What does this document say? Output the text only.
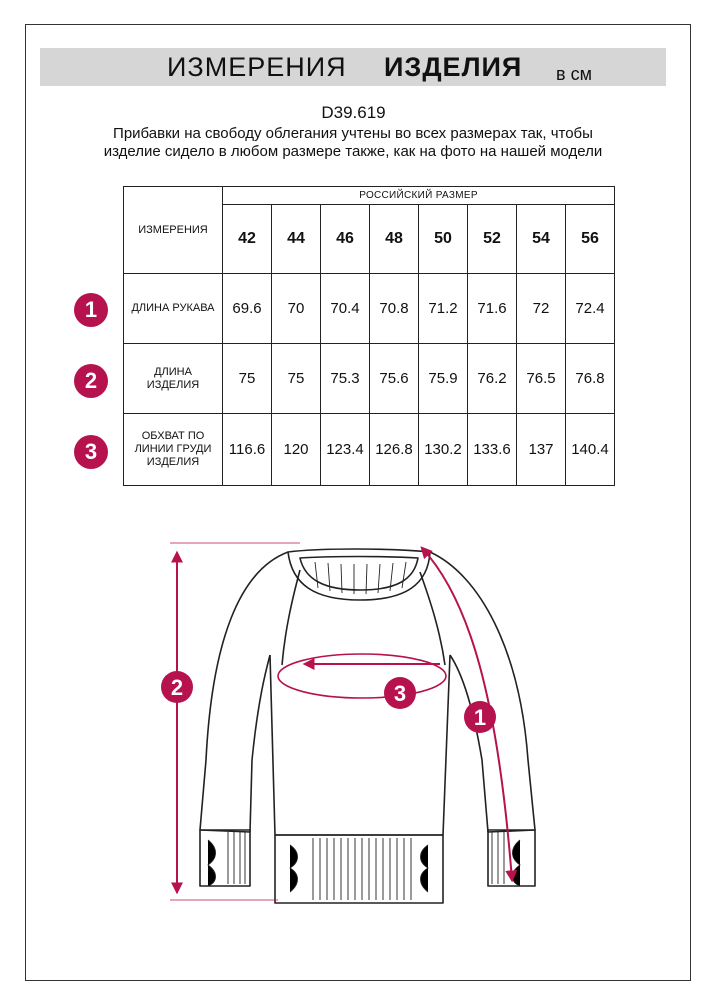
ИЗМЕРЕНИЯ ИЗДЕЛИЯ в см
D39.619
Прибавки на свободу облегания учтены во всех размерах так, чтобы изделие сидело в любом размере также, как на фото на нашей модели
ИЗМЕРЕНИЯ	РОССИЙСКИЙ РАЗМЕР							
	42	44	46	48	50	52	54	56
ДЛИНА РУКАВА	69.6	70	70.4	70.8	71.2	71.6	72	72.4

ДЛИНА
ИЗДЕЛИЯ	75	75	75.3	75.6	75.9	76.2	76.5	76.8

ОБХВАТ ПО
ЛИНИИ ГРУДИ
ИЗДЕЛИЯ	116.6	120	123.4	126.8	130.2	133.6	137	140.4
1
2
3
2	3
1
